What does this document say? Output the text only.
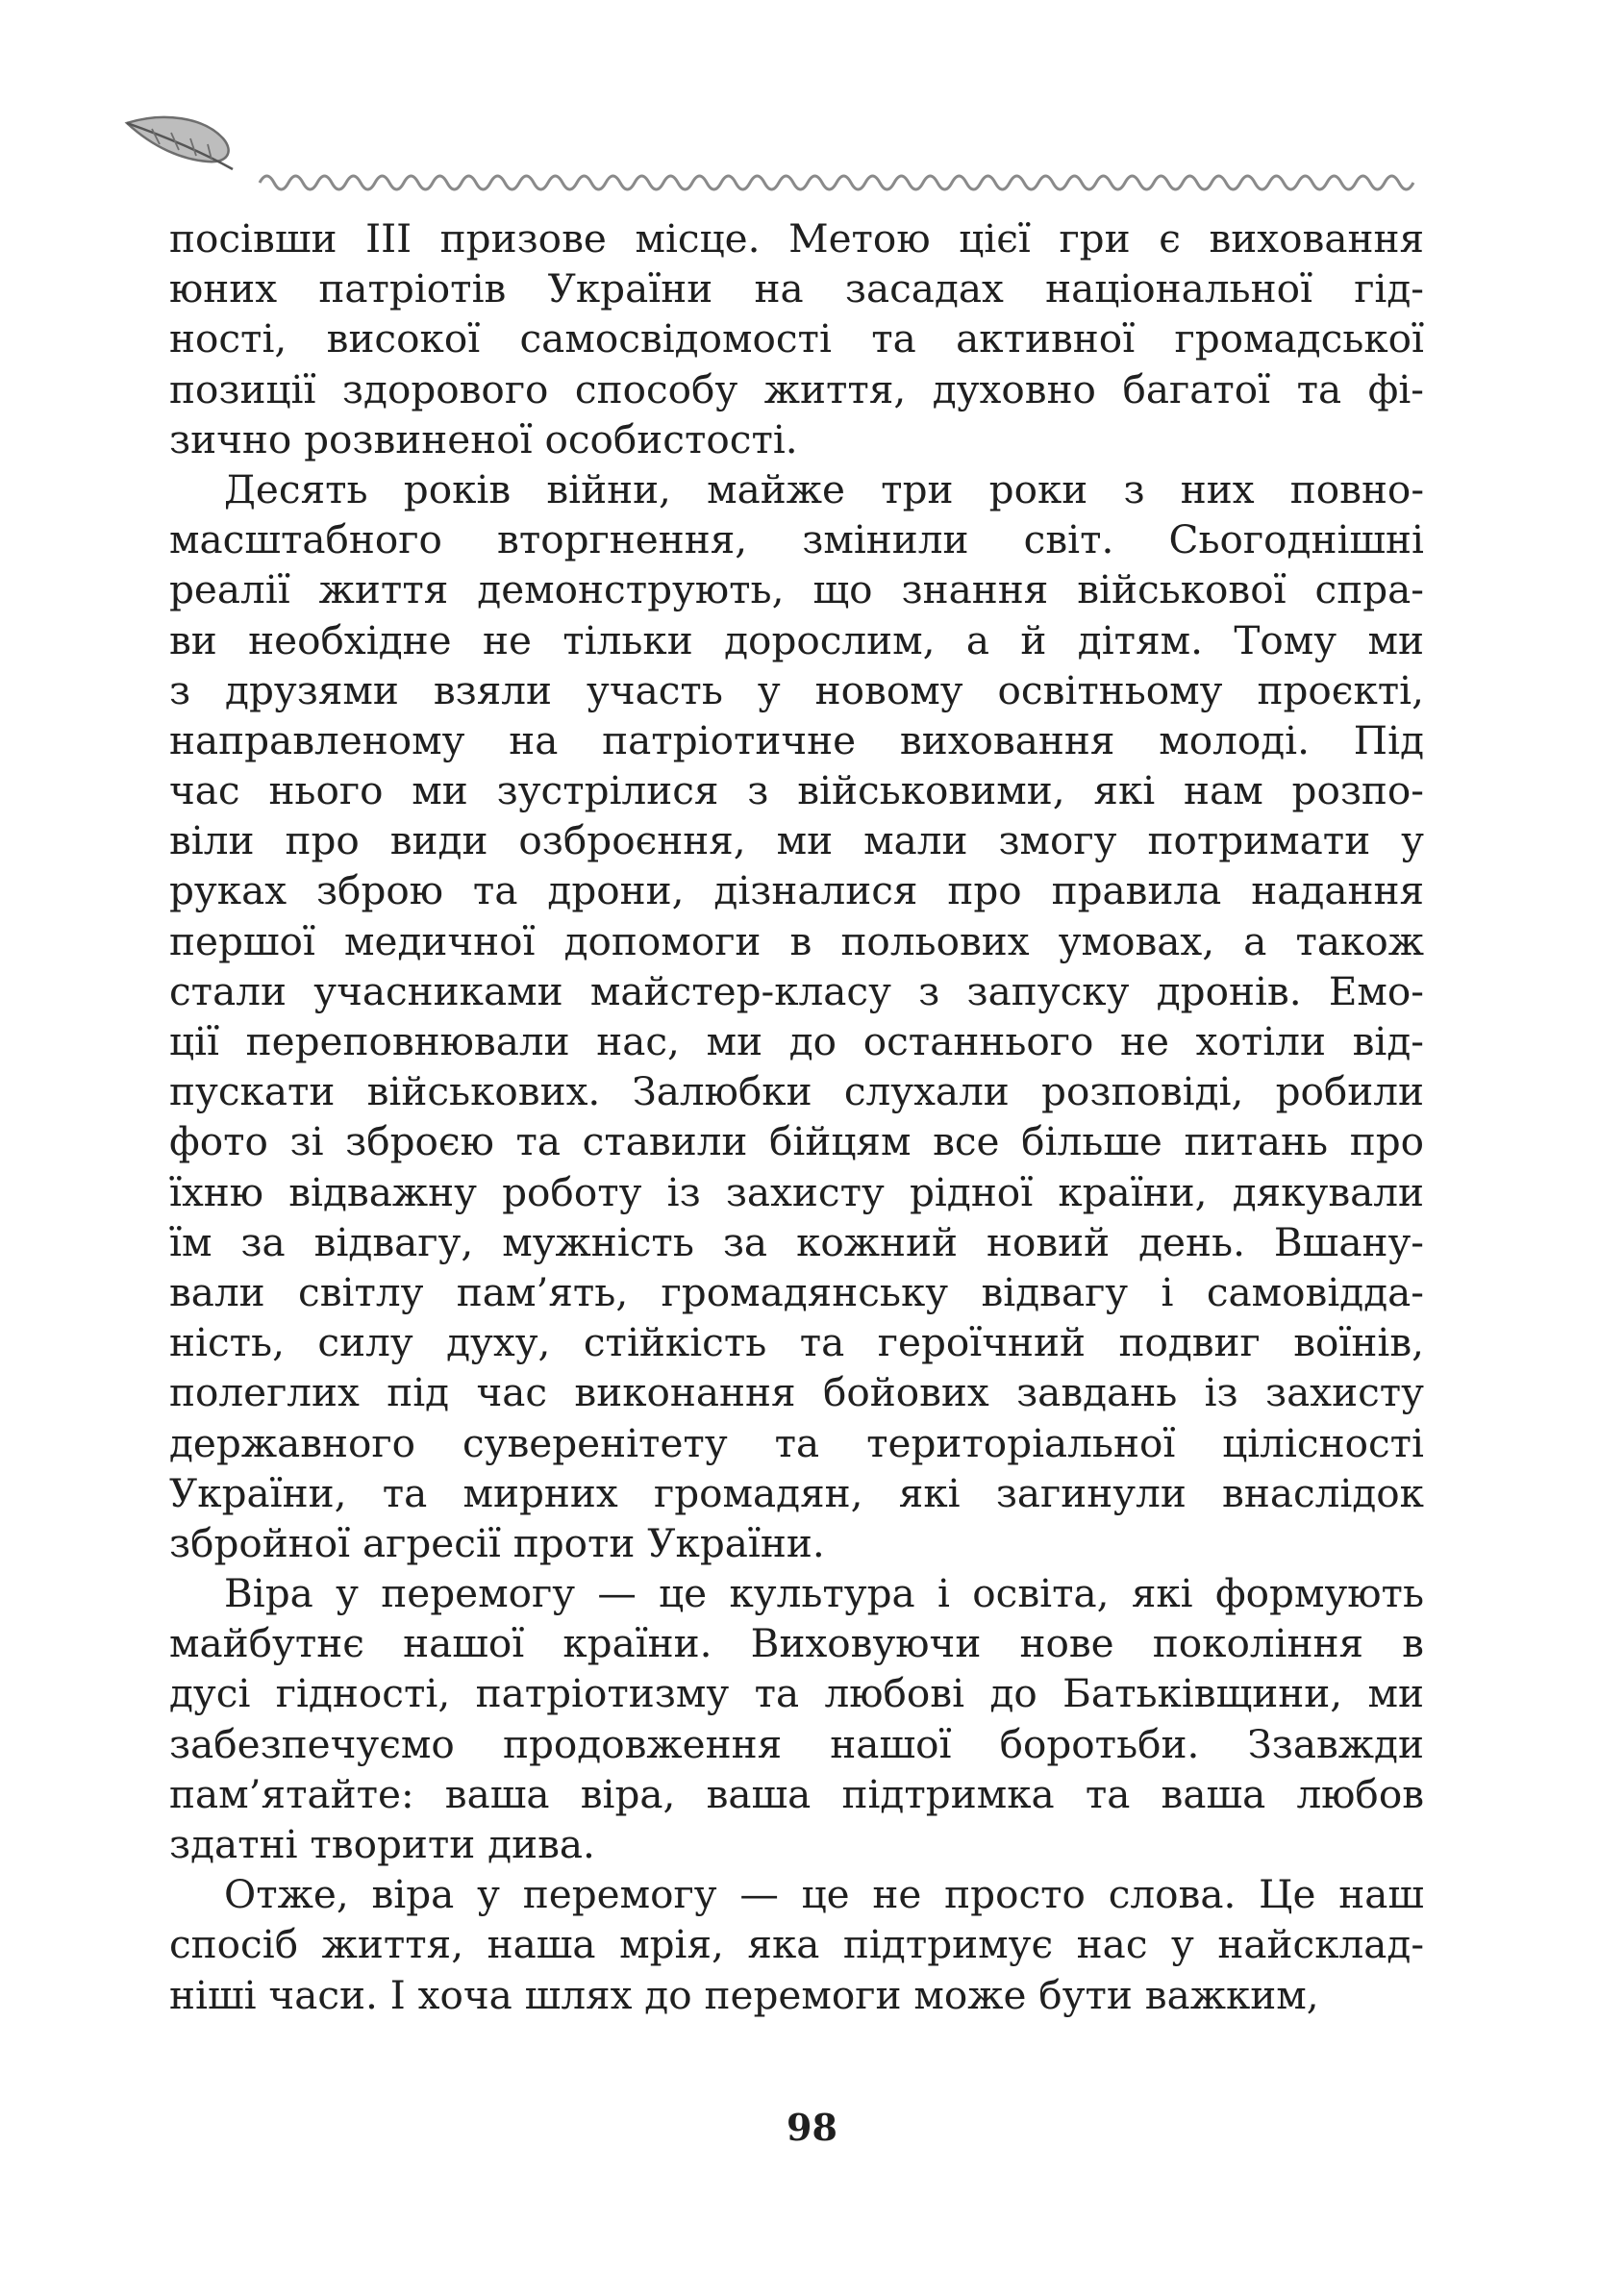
посівши ІІІ призове місце. Метою цієї гри є виховання
юних патріотів України на засадах національної гід-
ності, високої самосвідомості та активної громадської
позиції здорового способу життя, духовно багатої та фі-
зично розвиненої особистості.
Десять років війни, майже три роки з них повно-
масштабного вторгнення, змінили світ. Сьогоднішні
реалії життя демонструють, що знання військової спра-
ви необхідне не тільки дорослим, а й дітям. Тому ми
з друзями взяли участь у новому освітньому проєкті,
направленому на патріотичне виховання молоді. Під
час нього ми зустрілися з військовими, які нам розпо-
віли про види озброєння, ми мали змогу потримати у
руках зброю та дрони, дізналися про правила надання
першої медичної допомоги в польових умовах, а також
стали учасниками майстер-класу з запуску дронів. Емо-
ції переповнювали нас, ми до останнього не хотіли від-
пускати військових. Залюбки слухали розповіді, робили
фото зі зброєю та ставили бійцям все більше питань про
їхню відважну роботу із захисту рідної країни, дякували
їм за відвагу, мужність за кожний новий день. Вшану-
вали світлу пам’ять, громадянську відвагу і самовідда-
ність, силу духу, стійкість та героїчний подвиг воїнів,
полеглих під час виконання бойових завдань із захисту
державного суверенітету та територіальної цілісності
України, та мирних громадян, які загинули внаслідок
збройної агресії проти України.
Віра у перемогу — це культура і освіта, які формують
майбутнє нашої країни. Виховуючи нове покоління в
дусі гідності, патріотизму та любові до Батьківщини, ми
забезпечуємо продовження нашої боротьби. Ззавжди
пам’ятайте: ваша віра, ваша підтримка та ваша любов
здатні творити дива.
Отже, віра у перемогу — це не просто слова. Це наш
спосіб життя, наша мрія, яка підтримує нас у найсклад-
ніші часи. І хоча шлях до перемоги може бути важким,
98
